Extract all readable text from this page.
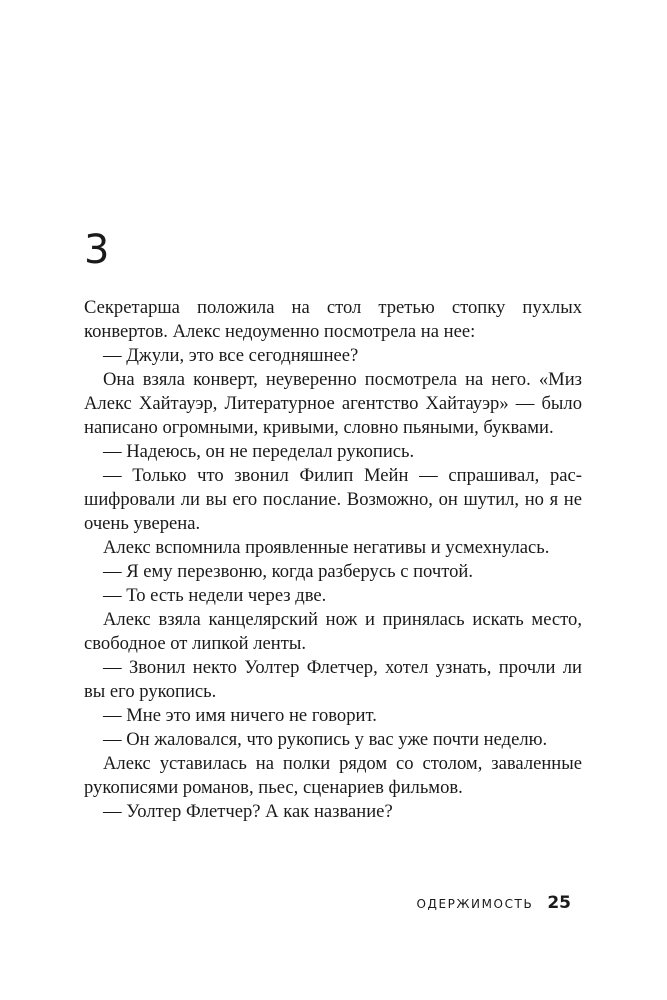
3

Секретарша положила на стол третью стопку пухлых конвертов. Алекс недоуменно посмотрела на нее:

— Джули, это все сегодняшнее?

Она взяла конверт, неуверенно посмотрела на него. «Миз Алекс Хайтауэр, Литературное агентство Хайтауэр» — было написано огромными, кривыми, словно пьяными, буквами.

— Надеюсь, он не переделал рукопись.

— Только что звонил Филип Мейн — спрашивал, расшифровали ли вы его послание. Возможно, он шутил, но я не очень уверена.

Алекс вспомнила проявленные негативы и усмехнулась.

— Я ему перезвоню, когда разберусь с почтой.

— То есть недели через две.

Алекс взяла канцелярский нож и принялась искать место, свободное от липкой ленты.

— Звонил некто Уолтер Флетчер, хотел узнать, прочли ли вы его рукопись.

— Мне это имя ничего не говорит.

— Он жаловался, что рукопись у вас уже почти неделю.

Алекс уставилась на полки рядом со столом, заваленные рукописями романов, пьес, сценариев фильмов.

— Уолтер Флетчер? А как название?

ОДЕРЖИМОСТЬ 25
